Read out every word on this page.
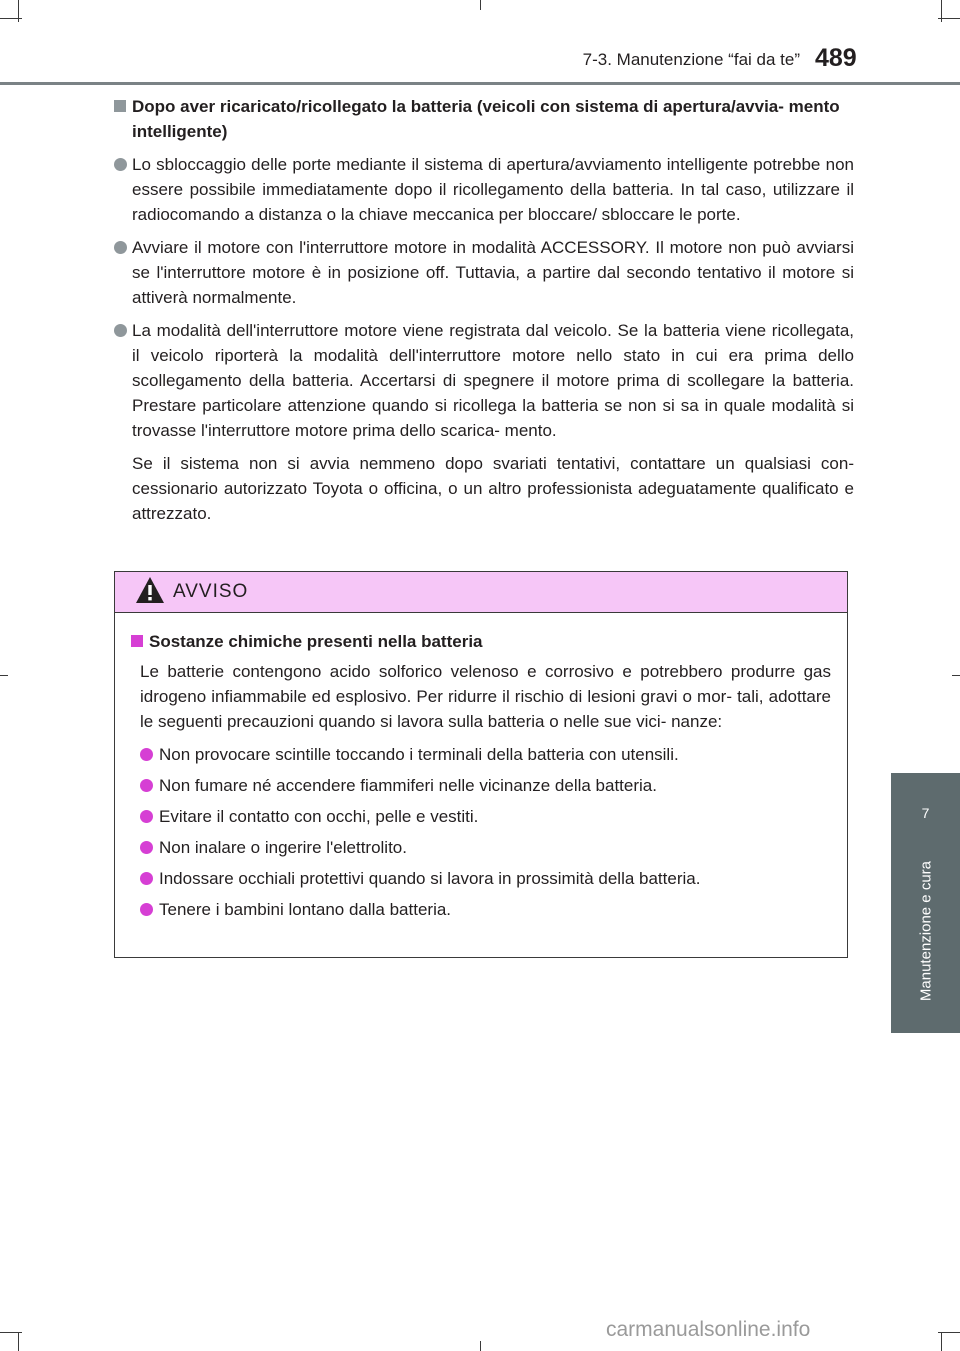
7-3. Manutenzione “fai da te” 489
7
Manutenzione e cura
Dopo aver ricaricato/ricollegato la batteria (veicoli con sistema di apertura/avvia- mento intelligente)
Lo sbloccaggio delle porte mediante il sistema di apertura/avviamento intelligente potrebbe non essere possibile immediatamente dopo il ricollegamento della batteria. In tal caso, utilizzare il radiocomando a distanza o la chiave meccanica per bloccare/ sbloccare le porte.
Avviare il motore con l'interruttore motore in modalità ACCESSORY. Il motore non può avviarsi se l'interruttore motore è in posizione off. Tuttavia, a partire dal secondo tentativo il motore si attiverà normalmente.
La modalità dell'interruttore motore viene registrata dal veicolo. Se la batteria viene ricollegata, il veicolo riporterà la modalità dell'interruttore motore nello stato in cui era prima dello scollegamento della batteria. Accertarsi di spegnere il motore prima di scollegare la batteria. Prestare particolare attenzione quando si ricollega la batteria se non si sa in quale modalità si trovasse l'interruttore motore prima dello scarica- mento.

Se il sistema non si avvia nemmeno dopo svariati tentativi, contattare un qualsiasi con- cessionario autorizzato Toyota o officina, o un altro professionista adeguatamente qualificato e attrezzato.

AVVISO
Sostanze chimiche presenti nella batteria
Le batterie contengono acido solforico velenoso e corrosivo e potrebbero produrre gas idrogeno infiammabile ed esplosivo. Per ridurre il rischio di lesioni gravi o mor- tali, adottare le seguenti precauzioni quando si lavora sulla batteria o nelle sue vici- nanze:
Non provocare scintille toccando i terminali della batteria con utensili.
Non fumare né accendere fiammiferi nelle vicinanze della batteria.
Evitare il contatto con occhi, pelle e vestiti.
Non inalare o ingerire l'elettrolito.
Indossare occhiali protettivi quando si lavora in prossimità della batteria.
Tenere i bambini lontano dalla batteria.
carmanualsonline.info
